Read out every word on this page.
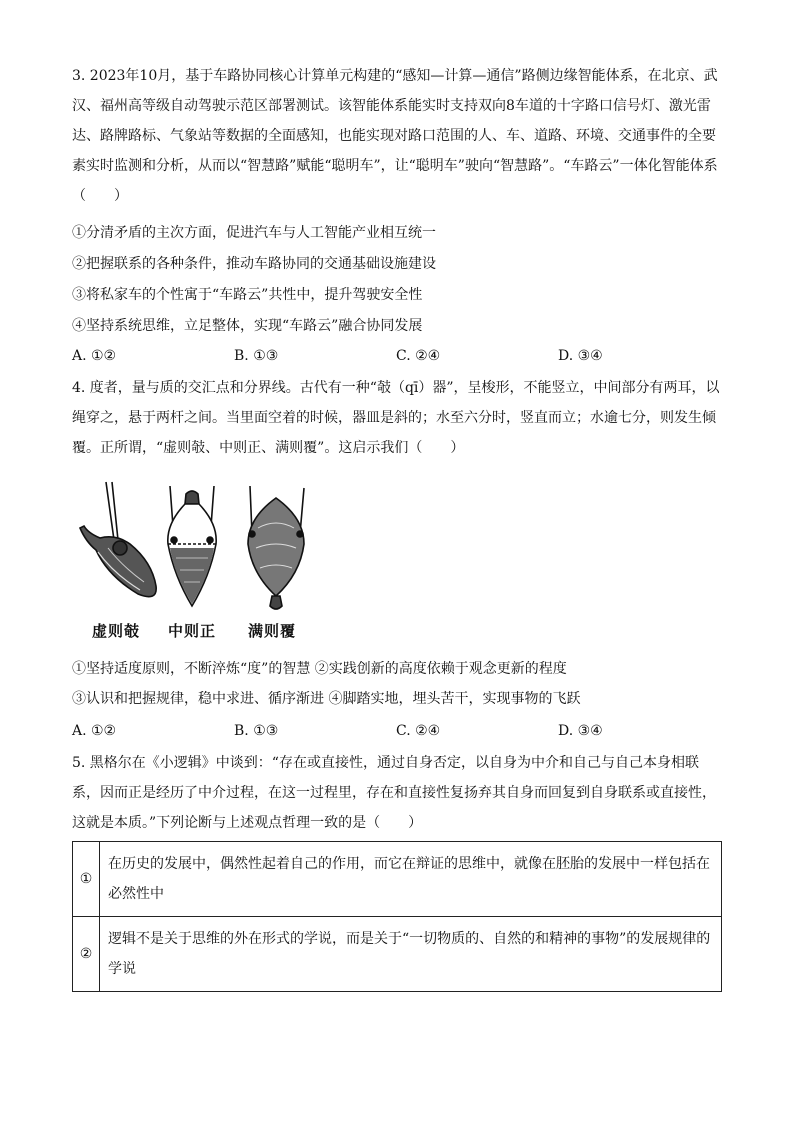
3. 2023年10月，基于车路协同核心计算单元构建的“感知—计算—通信”路侧边缘智能体系，在北京、武汉、福州高等级自动驾驶示范区部署测试。该智能体系能实时支持双向8车道的十字路口信号灯、激光雷达、路牌路标、气象站等数据的全面感知，也能实现对路口范围的人、车、道路、环境、交通事件的全要素实时监测和分析，从而以“智慧路”赋能“聪明车”，让“聪明车”驶向“智慧路”。“车路云”一体化智能体系（　　）

①分清矛盾的主次方面，促进汽车与人工智能产业相互统一
②把握联系的各种条件，推动车路协同的交通基础设施建设
③将私家车的个性寓于“车路云”共性中，提升驾驶安全性
④坚持系统思维，立足整体，实现“车路云”融合协同发展
A. ①②	B. ①③	C. ②④	D. ③④

4. 度者，量与质的交汇点和分界线。古代有一种“攲（qī）器”，呈梭形，不能竖立，中间部分有两耳，以绳穿之，悬于两杆之间。当里面空着的时候，器皿是斜的；水至六分时，竖直而立；水逾七分，则发生倾覆。正所谓，“虚则攲、中则正、满则覆”。这启示我们（　　）

虚则攲 中则正 满则覆
①坚持适度原则，不断淬炼“度”的智慧 ②实践创新的高度依赖于观念更新的程度
③认识和把握规律，稳中求进、循序渐进 ④脚踏实地，埋头苦干，实现事物的飞跃
A. ①②	B. ①③	C. ②④	D. ③④

5. 黑格尔在《小逻辑》中谈到：“存在或直接性，通过自身否定，以自身为中介和自己与自己本身相联系，因而正是经历了中介过程，在这一过程里，存在和直接性复扬弃其自身而回复到自身联系或直接性，这就是本质。”下列论断与上述观点哲理一致的是（　　）

①	在历史的发展中，偶然性起着自己的作用，而它在辩证的思维中，就像在胚胎的发展中一样包括在必然性中
②	逻辑不是关于思维的外在形式的学说，而是关于“一切物质的、自然的和精神的事物”的发展规律的学说
